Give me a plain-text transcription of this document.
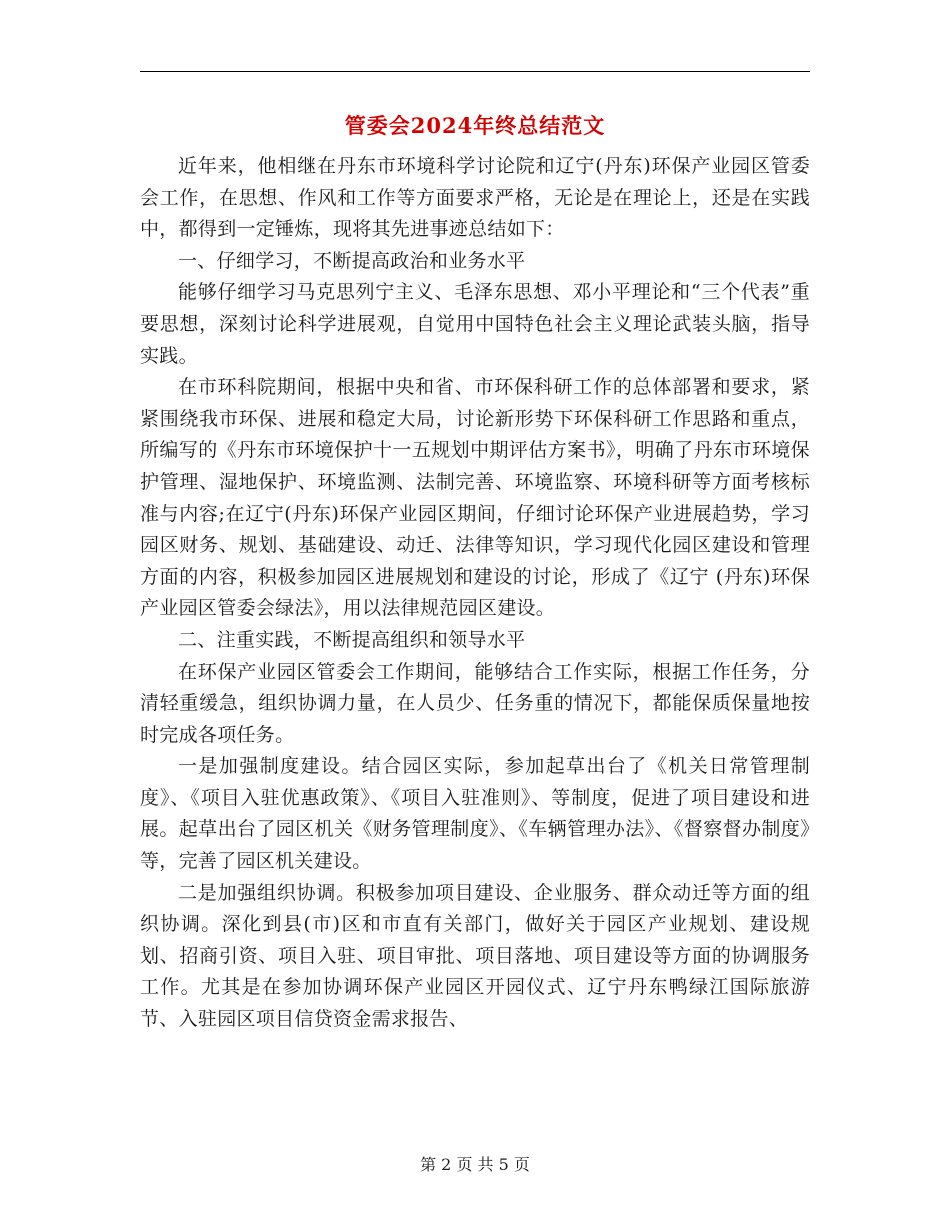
管委会2024年终总结范文

近年来，他相继在丹东市环境科学讨论院和辽宁(丹东)环保产业园区管委会工作，在思想、作风和工作等方面要求严格，无论是在理论上，还是在实践中，都得到一定锤炼，现将其先进事迹总结如下：

一、仔细学习，不断提高政治和业务水平

能够仔细学习马克思列宁主义、毛泽东思想、邓小平理论和“三个代表”重要思想，深刻讨论科学进展观，自觉用中国特色社会主义理论武装头脑，指导实践。

在市环科院期间，根据中央和省、市环保科研工作的总体部署和要求，紧紧围绕我市环保、进展和稳定大局，讨论新形势下环保科研工作思路和重点，所编写的《丹东市环境保护十一五规划中期评估方案书》，明确了丹东市环境保护管理、湿地保护、环境监测、法制完善、环境监察、环境科研等方面考核标准与内容;在辽宁(丹东)环保产业园区期间，仔细讨论环保产业进展趋势，学习园区财务、规划、基础建设、动迁、法律等知识，学习现代化园区建设和管理方面的内容，积极参加园区进展规划和建设的讨论，形成了《辽宁 (丹东)环保产业园区管委会绿法》，用以法律规范园区建设。

二、注重实践，不断提高组织和领导水平

在环保产业园区管委会工作期间，能够结合工作实际，根据工作任务，分清轻重缓急，组织协调力量，在人员少、任务重的情况下，都能保质保量地按时完成各项任务。

一是加强制度建设。结合园区实际，参加起草出台了《机关日常管理制度》、《项目入驻优惠政策》、《项目入驻准则》、等制度，促进了项目建设和进展。起草出台了园区机关《财务管理制度》、《车辆管理办法》、《督察督办制度》等，完善了园区机关建设。

二是加强组织协调。积极参加项目建设、企业服务、群众动迁等方面的组织协调。深化到县(市)区和市直有关部门，做好关于园区产业规划、建设规划、招商引资、项目入驻、项目审批、项目落地、项目建设等方面的协调服务工作。尤其是在参加协调环保产业园区开园仪式、辽宁丹东鸭绿江国际旅游节、入驻园区项目信贷资金需求报告、

第 2 页 共 5 页
